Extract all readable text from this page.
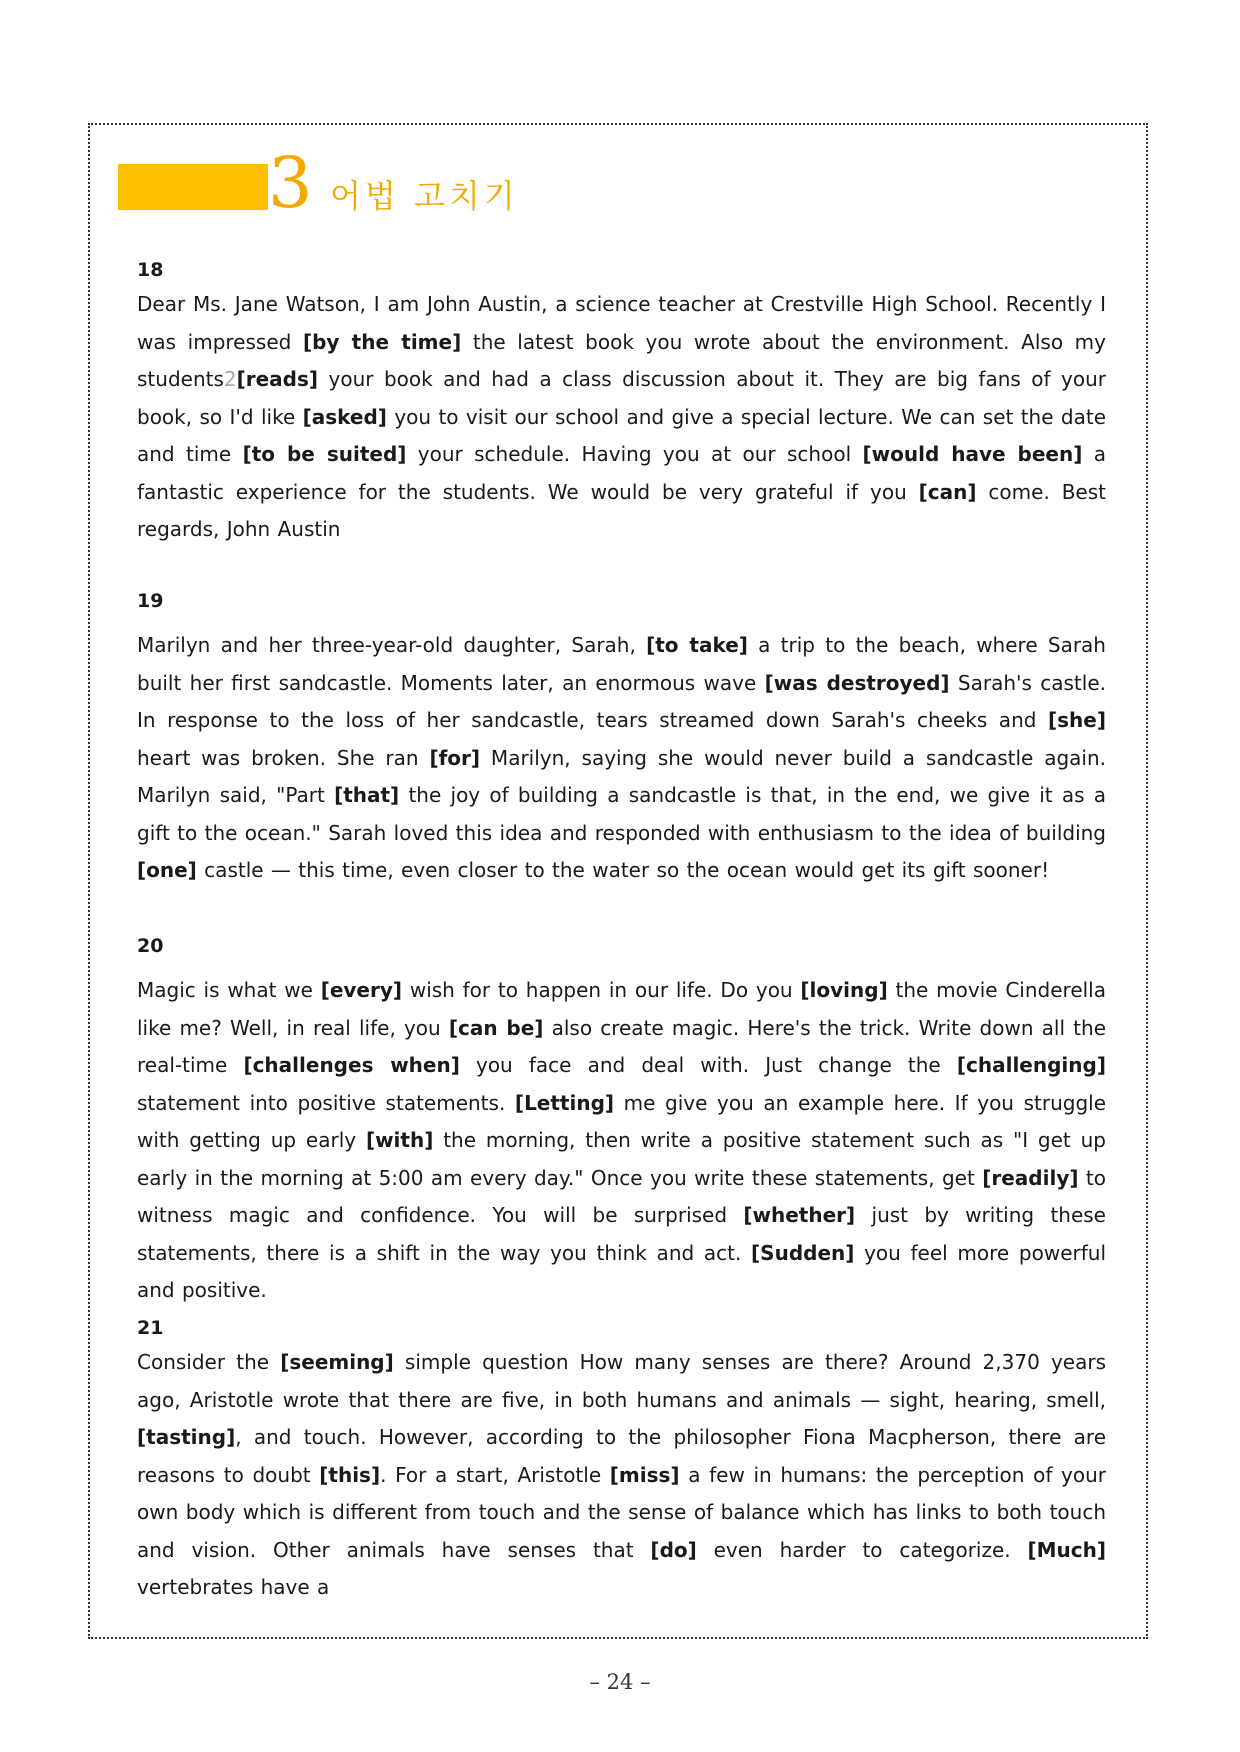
3 어법 고치기

18

Dear Ms. Jane Watson, I am John Austin, a science teacher at Crestville High School. Recently I was impressed [by the time] the latest book you wrote about the environment. Also my students2[reads] your book and had a class discussion about it. They are big fans of your book, so I'd like [asked] you to visit our school and give a special lecture. We can set the date and time [to be suited] your schedule. Having you at our school [would have been] a fantastic experience for the students. We would be very grateful if you [can] come. Best regards, John Austin

19

Marilyn and her three-year-old daughter, Sarah, [to take] a trip to the beach, where Sarah built her first sandcastle. Moments later, an enormous wave [was destroyed] Sarah's castle. In response to the loss of her sandcastle, tears streamed down Sarah's cheeks and [she] heart was broken. She ran [for] Marilyn, saying she would never build a sandcastle again. Marilyn said, "Part [that] the joy of building a sandcastle is that, in the end, we give it as a gift to the ocean." Sarah loved this idea and responded with enthusiasm to the idea of building [one] castle — this time, even closer to the water so the ocean would get its gift sooner!

20

Magic is what we [every] wish for to happen in our life. Do you [loving] the movie Cinderella like me? Well, in real life, you [can be] also create magic. Here's the trick. Write down all the real-time [challenges when] you face and deal with. Just change the [challenging] statement into positive statements. [Letting] me give you an example here. If you struggle with getting up early [with] the morning, then write a positive statement such as "I get up early in the morning at 5:00 am every day." Once you write these statements, get [readily] to witness magic and confidence. You will be surprised [whether] just by writing these statements, there is a shift in the way you think and act. [Sudden] you feel more powerful and positive.

21

Consider the [seeming] simple question How many senses are there? Around 2,370 years ago, Aristotle wrote that there are five, in both humans and animals — sight, hearing, smell, [tasting], and touch. However, according to the philosopher Fiona Macpherson, there are reasons to doubt [this]. For a start, Aristotle [miss] a few in humans: the perception of your own body which is different from touch and the sense of balance which has links to both touch and vision. Other animals have senses that [do] even harder to categorize. [Much] vertebrates have a

– 24 –
